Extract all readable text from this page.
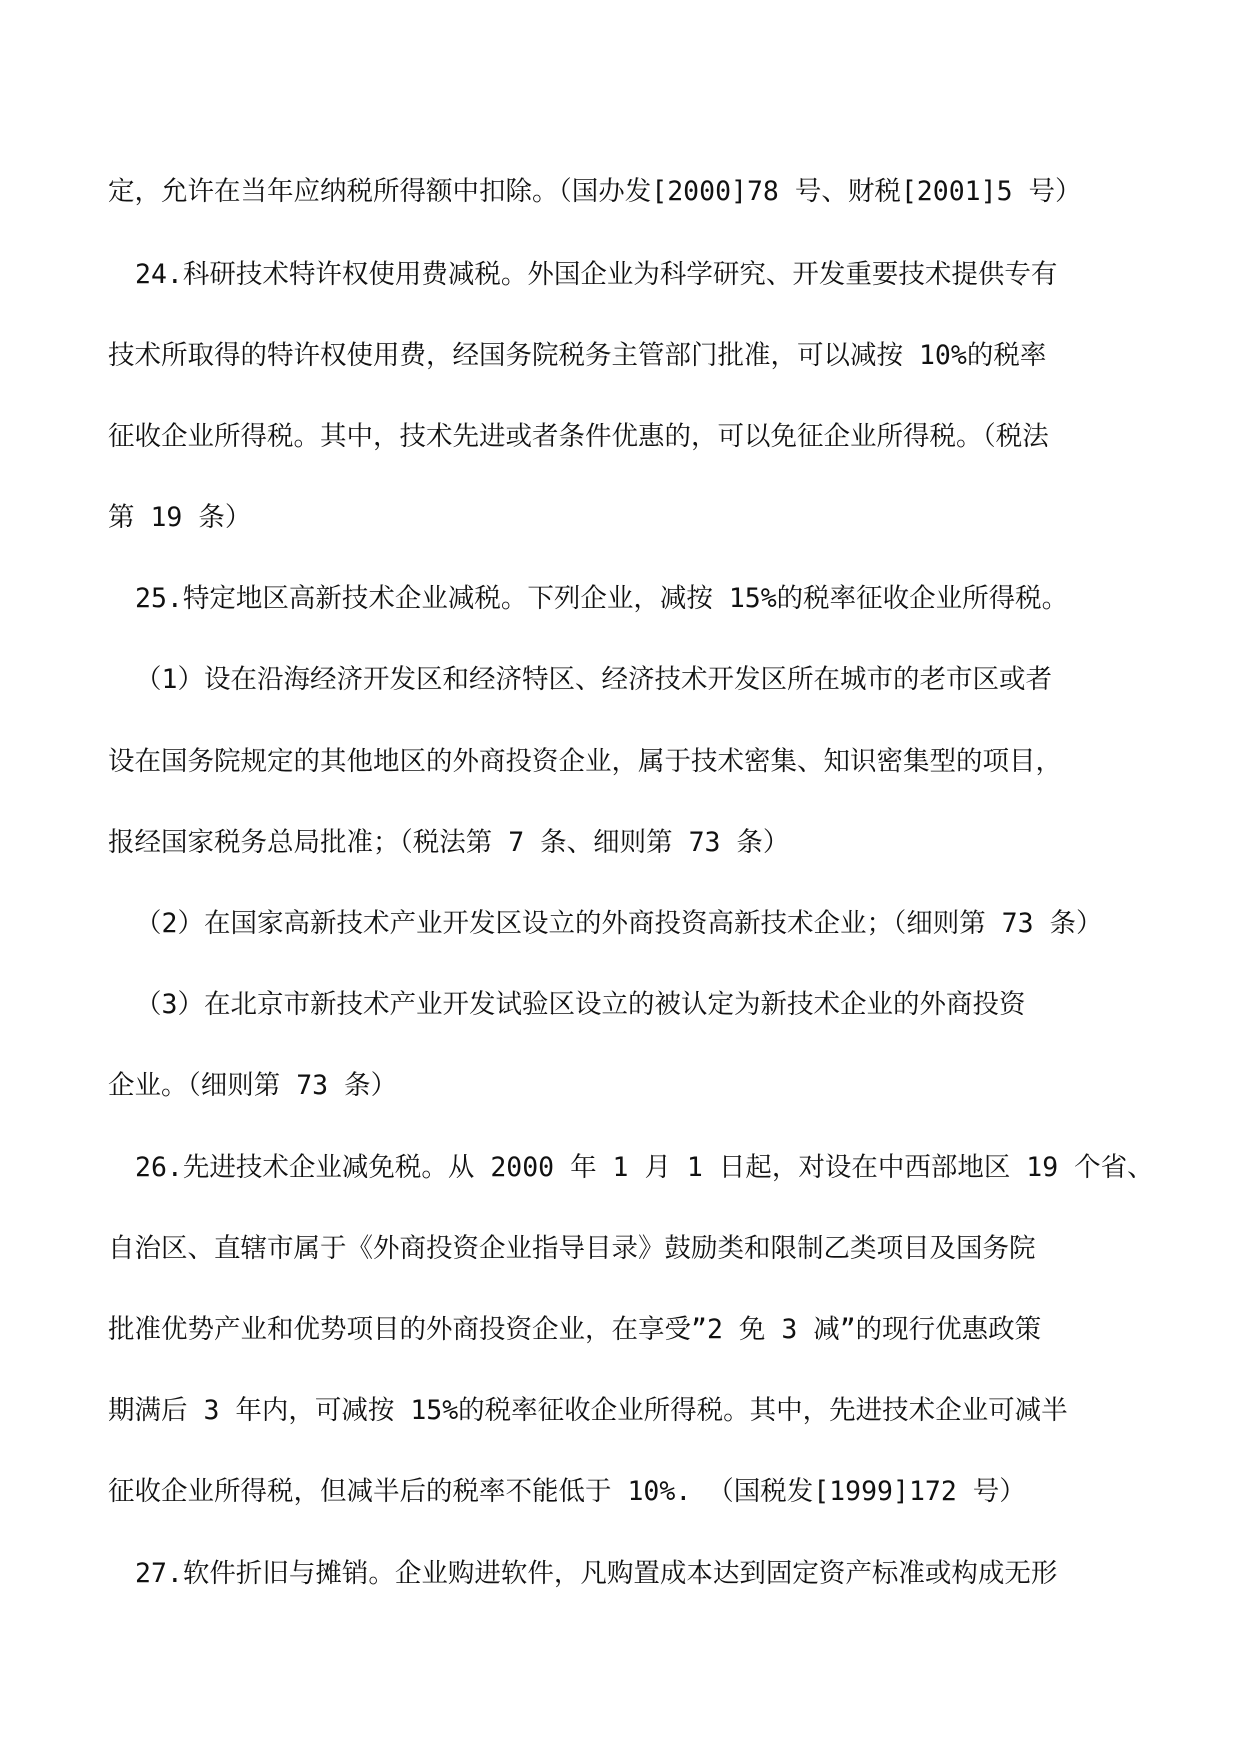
定，允许在当年应纳税所得额中扣除。（国办发[2000]78 号、财税[2001]5 号）
24.科研技术特许权使用费减税。外国企业为科学研究、开发重要技术提供专有
技术所取得的特许权使用费，经国务院税务主管部门批准，可以减按 10%的税率
征收企业所得税。其中，技术先进或者条件优惠的，可以免征企业所得税。（税法
第 19 条）
25.特定地区高新技术企业减税。下列企业，减按 15%的税率征收企业所得税。
（1）设在沿海经济开发区和经济特区、经济技术开发区所在城市的老市区或者
设在国务院规定的其他地区的外商投资企业，属于技术密集、知识密集型的项目，
报经国家税务总局批准；（税法第 7 条、细则第 73 条）
（2）在国家高新技术产业开发区设立的外商投资高新技术企业；（细则第 73 条）
（3）在北京市新技术产业开发试验区设立的被认定为新技术企业的外商投资
企业。（细则第 73 条）
26.先进技术企业减免税。从 2000 年 1 月 1 日起，对设在中西部地区 19 个省、
自治区、直辖市属于《外商投资企业指导目录》鼓励类和限制乙类项目及国务院
批准优势产业和优势项目的外商投资企业，在享受”2 免 3 减”的现行优惠政策
期满后 3 年内，可减按 15%的税率征收企业所得税。其中，先进技术企业可减半
征收企业所得税，但减半后的税率不能低于 10%. （国税发[1999]172 号）
27.软件折旧与摊销。企业购进软件，凡购置成本达到固定资产标准或构成无形
